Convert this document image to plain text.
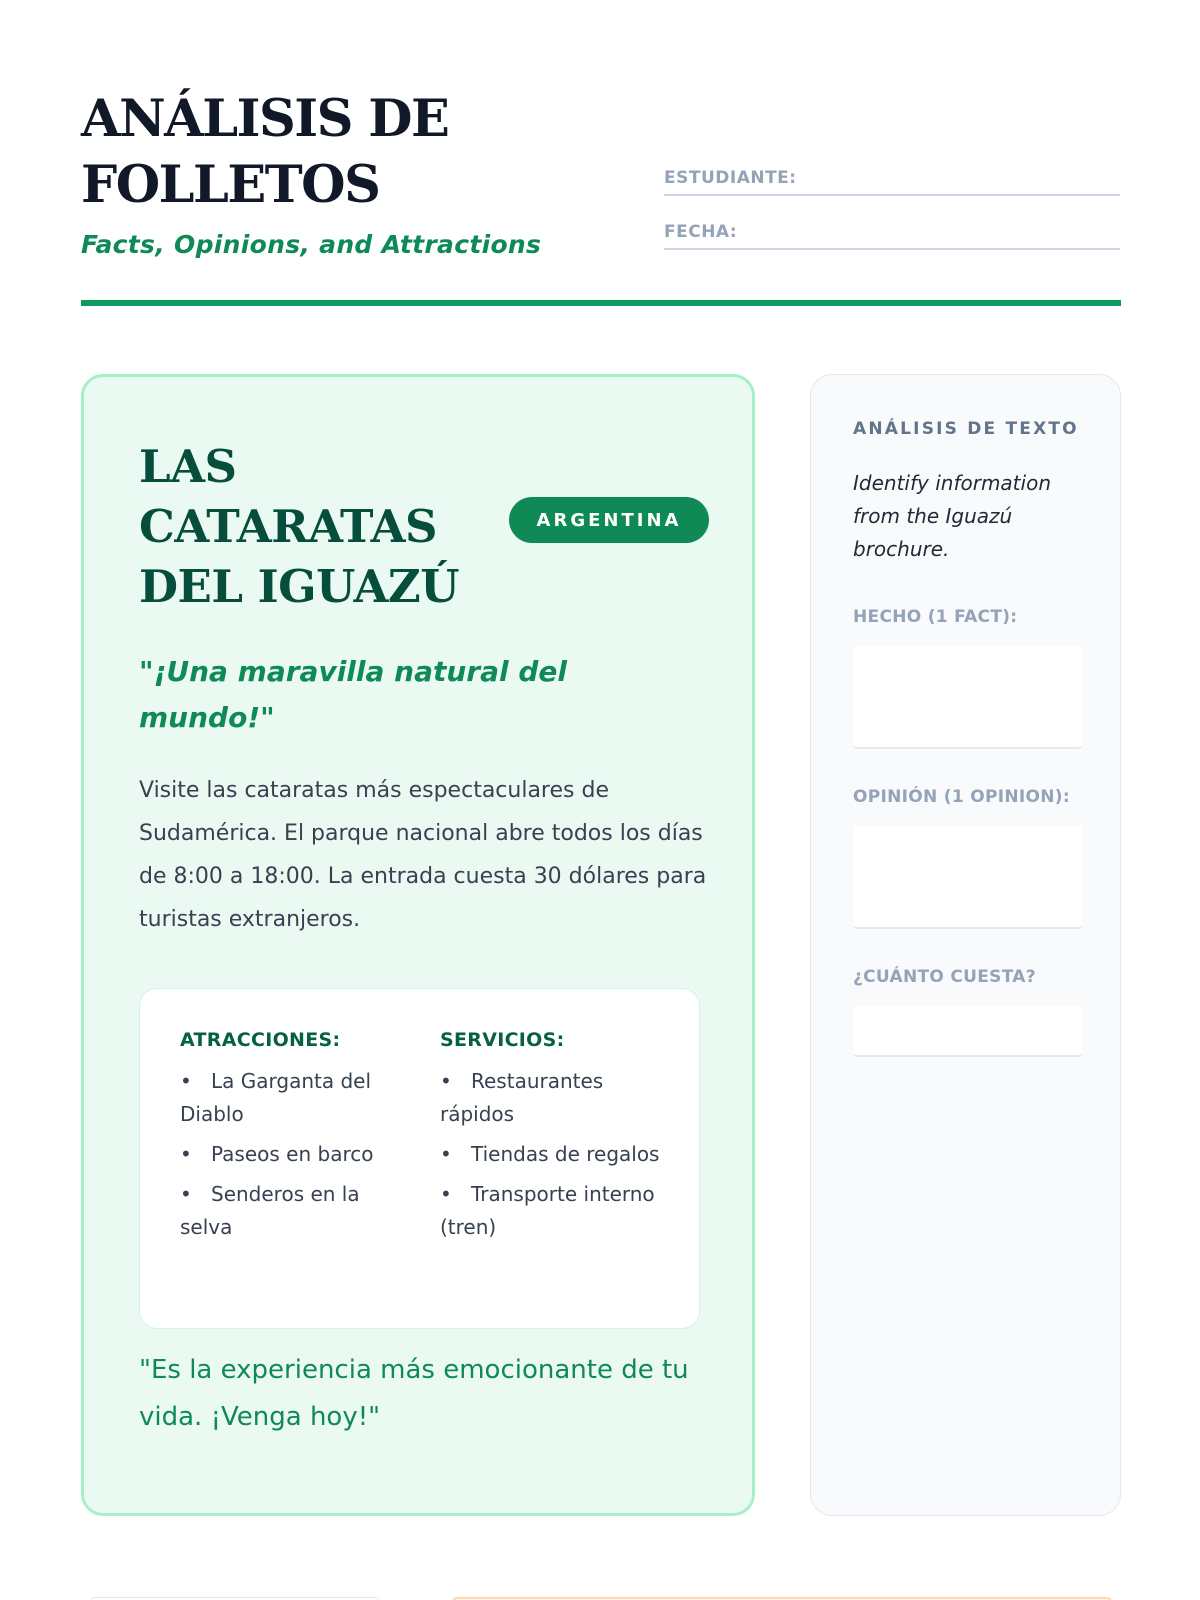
ANÁLISIS DE FOLLETOS
Facts, Opinions, and Attractions
ESTUDIANTE:
FECHA:
LAS CATARATAS DEL IGUAZÚ
ARGENTINA
"¡Una maravilla natural del mundo!"

Visite las cataratas más espectaculares de Sudamérica. El parque nacional abre todos los días de 8:00 a 18:00. La entrada cuesta 30 dólares para turistas extranjeros.

ATRACCIONES:
• La Garganta del Diablo
• Paseos en barco
• Senderos en la selva
SERVICIOS:
• Restaurantes rápidos
• Tiendas de regalos
• Transporte interno (tren)
"Es la experiencia más emocionante de tu vida. ¡Venga hoy!"
ANÁLISIS DE TEXTO
Identify information from the Iguazú brochure.
HECHO (1 FACT):
OPINIÓN (1 OPINION):
¿CUÁNTO CUESTA?
